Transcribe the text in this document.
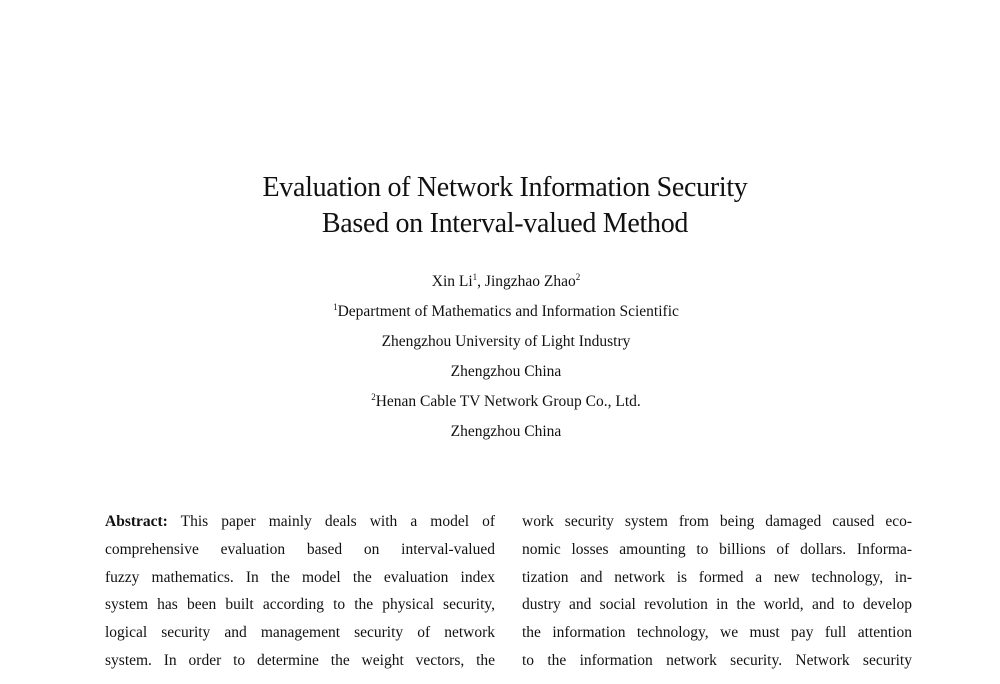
Evaluation of Network Information Security
Based on Interval-valued Method
Xin Li$^1$, Jingzhao Zhao$^2$
$^1$Department of Mathematics and Information Scientific
Zhengzhou University of Light Industry
Zhengzhou China
$^2$Henan Cable TV Network Group Co., Ltd.
Zhengzhou China
Abstract: This paper mainly deals with a model of
comprehensive evaluation based on interval-valued
fuzzy mathematics. In the model the evaluation index
system has been built according to the physical security,
logical security and management security of network
system. In order to determine the weight vectors, the
work security system from being damaged caused eco-
nomic losses amounting to billions of dollars. Informa-
tization and network is formed a new technology, in-
dustry and social revolution in the world, and to develop
the information technology, we must pay full attention
to the information network security. Network security
